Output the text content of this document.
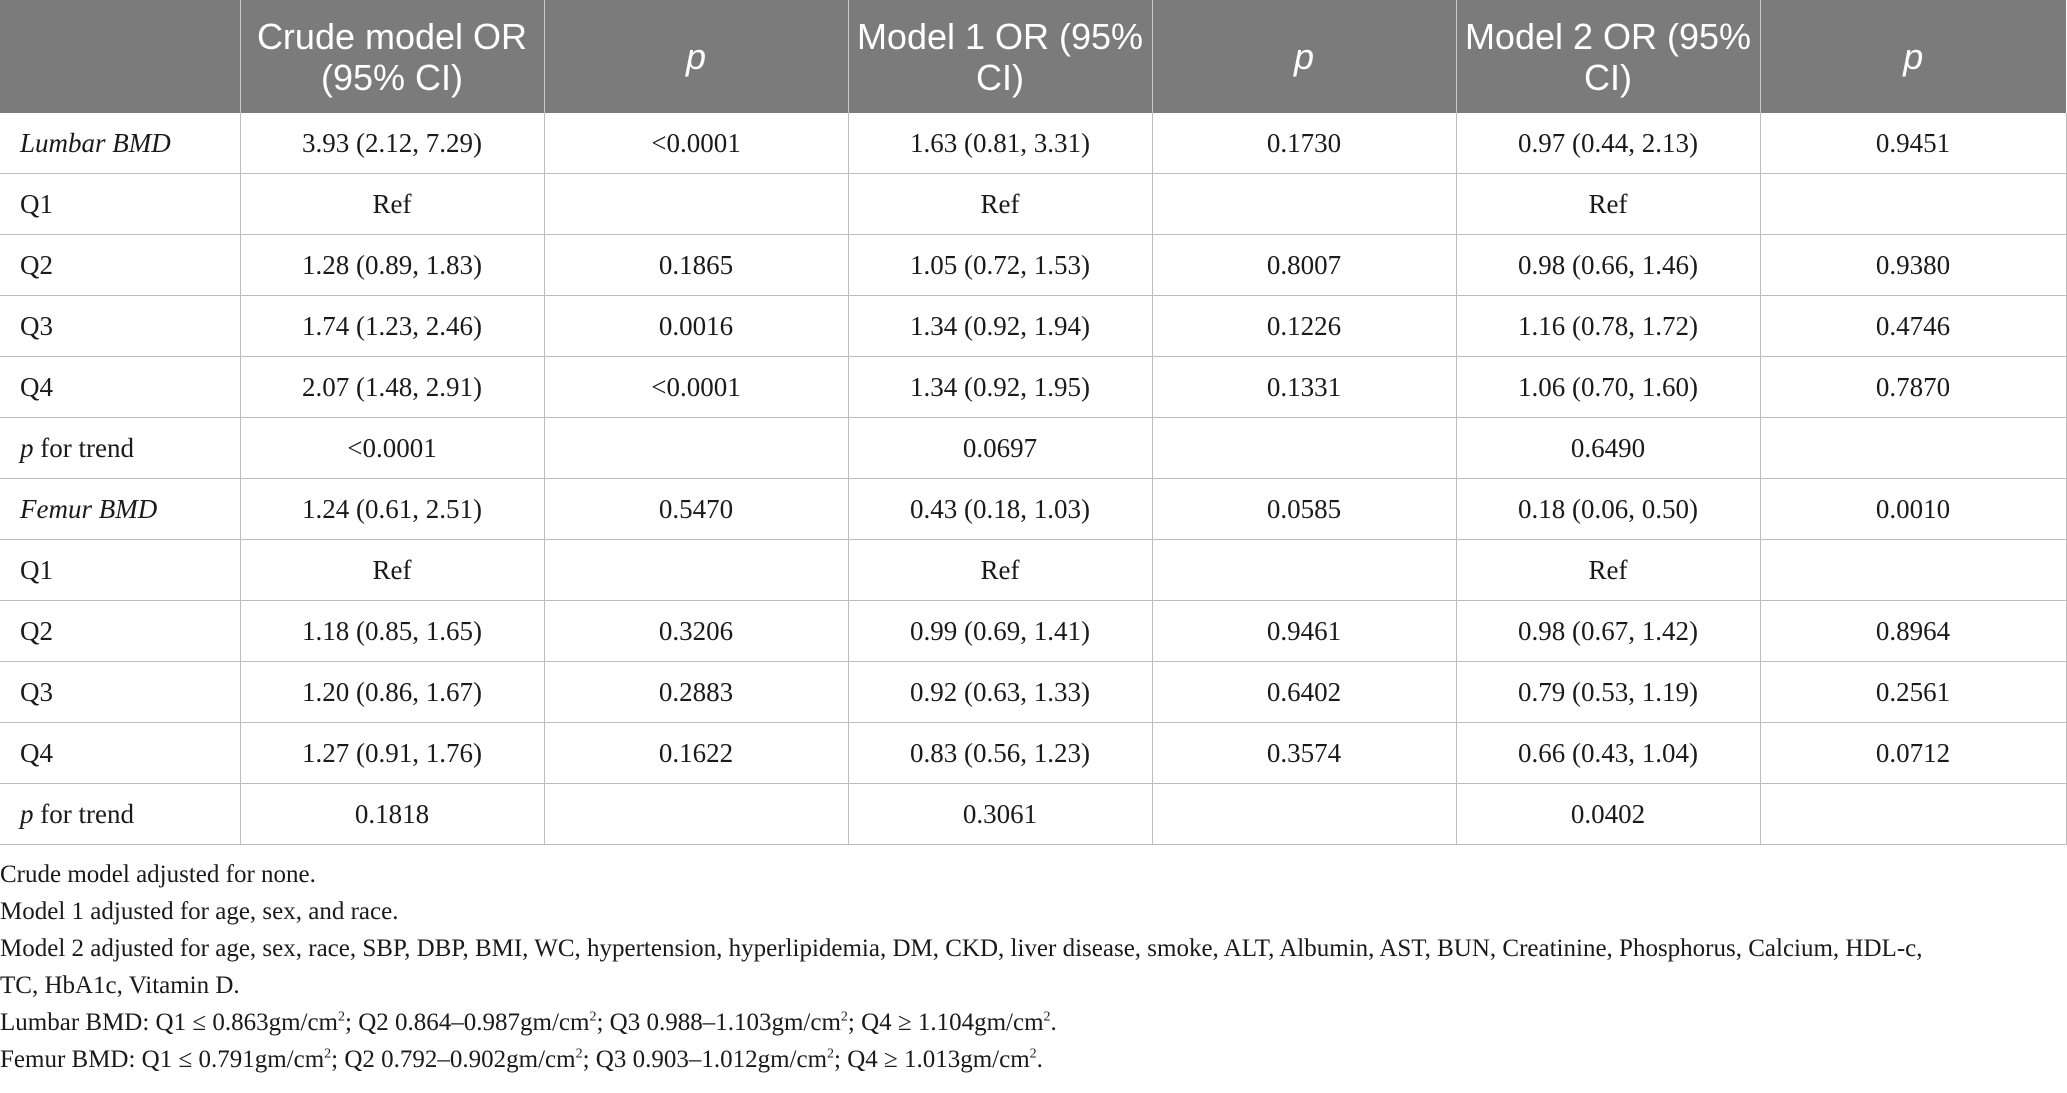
	Crude model OR (95% CI)	p	Model 1 OR (95% CI)	p	Model 2 OR (95% CI)	p
Lumbar BMD	3.93 (2.12, 7.29)	<0.0001	1.63 (0.81, 3.31)	0.1730	0.97 (0.44, 2.13)	0.9451
Q1	Ref		Ref		Ref	
Q2	1.28 (0.89, 1.83)	0.1865	1.05 (0.72, 1.53)	0.8007	0.98 (0.66, 1.46)	0.9380
Q3	1.74 (1.23, 2.46)	0.0016	1.34 (0.92, 1.94)	0.1226	1.16 (0.78, 1.72)	0.4746
Q4	2.07 (1.48, 2.91)	<0.0001	1.34 (0.92, 1.95)	0.1331	1.06 (0.70, 1.60)	0.7870
p for trend	<0.0001		0.0697		0.6490	
Femur BMD	1.24 (0.61, 2.51)	0.5470	0.43 (0.18, 1.03)	0.0585	0.18 (0.06, 0.50)	0.0010
Q1	Ref		Ref		Ref	
Q2	1.18 (0.85, 1.65)	0.3206	0.99 (0.69, 1.41)	0.9461	0.98 (0.67, 1.42)	0.8964
Q3	1.20 (0.86, 1.67)	0.2883	0.92 (0.63, 1.33)	0.6402	0.79 (0.53, 1.19)	0.2561
Q4	1.27 (0.91, 1.76)	0.1622	0.83 (0.56, 1.23)	0.3574	0.66 (0.43, 1.04)	0.0712
p for trend	0.1818		0.3061		0.0402	

Crude model adjusted for none.

Model 1 adjusted for age, sex, and race.

Model 2 adjusted for age, sex, race, SBP, DBP, BMI, WC, hypertension, hyperlipidemia, DM, CKD, liver disease, smoke, ALT, Albumin, AST, BUN, Creatinine, Phosphorus, Calcium, HDL-c,

TC, HbA1c, Vitamin D.

Lumbar BMD: $Q1 \le 0.863gm/cm^2$; Q2 $0.864-0.987gm/cm^2$; Q3 $0.988-1.103gm/cm^2$; $Q4 \ge 1.104gm/cm^2$.

Femur BMD: $Q1 \le 0.791gm/cm^2$; Q2 $0.792-0.902gm/cm^2$; Q3 $0.903-1.012gm/cm^2$; $Q4 \ge 1.013gm/cm^2$.
